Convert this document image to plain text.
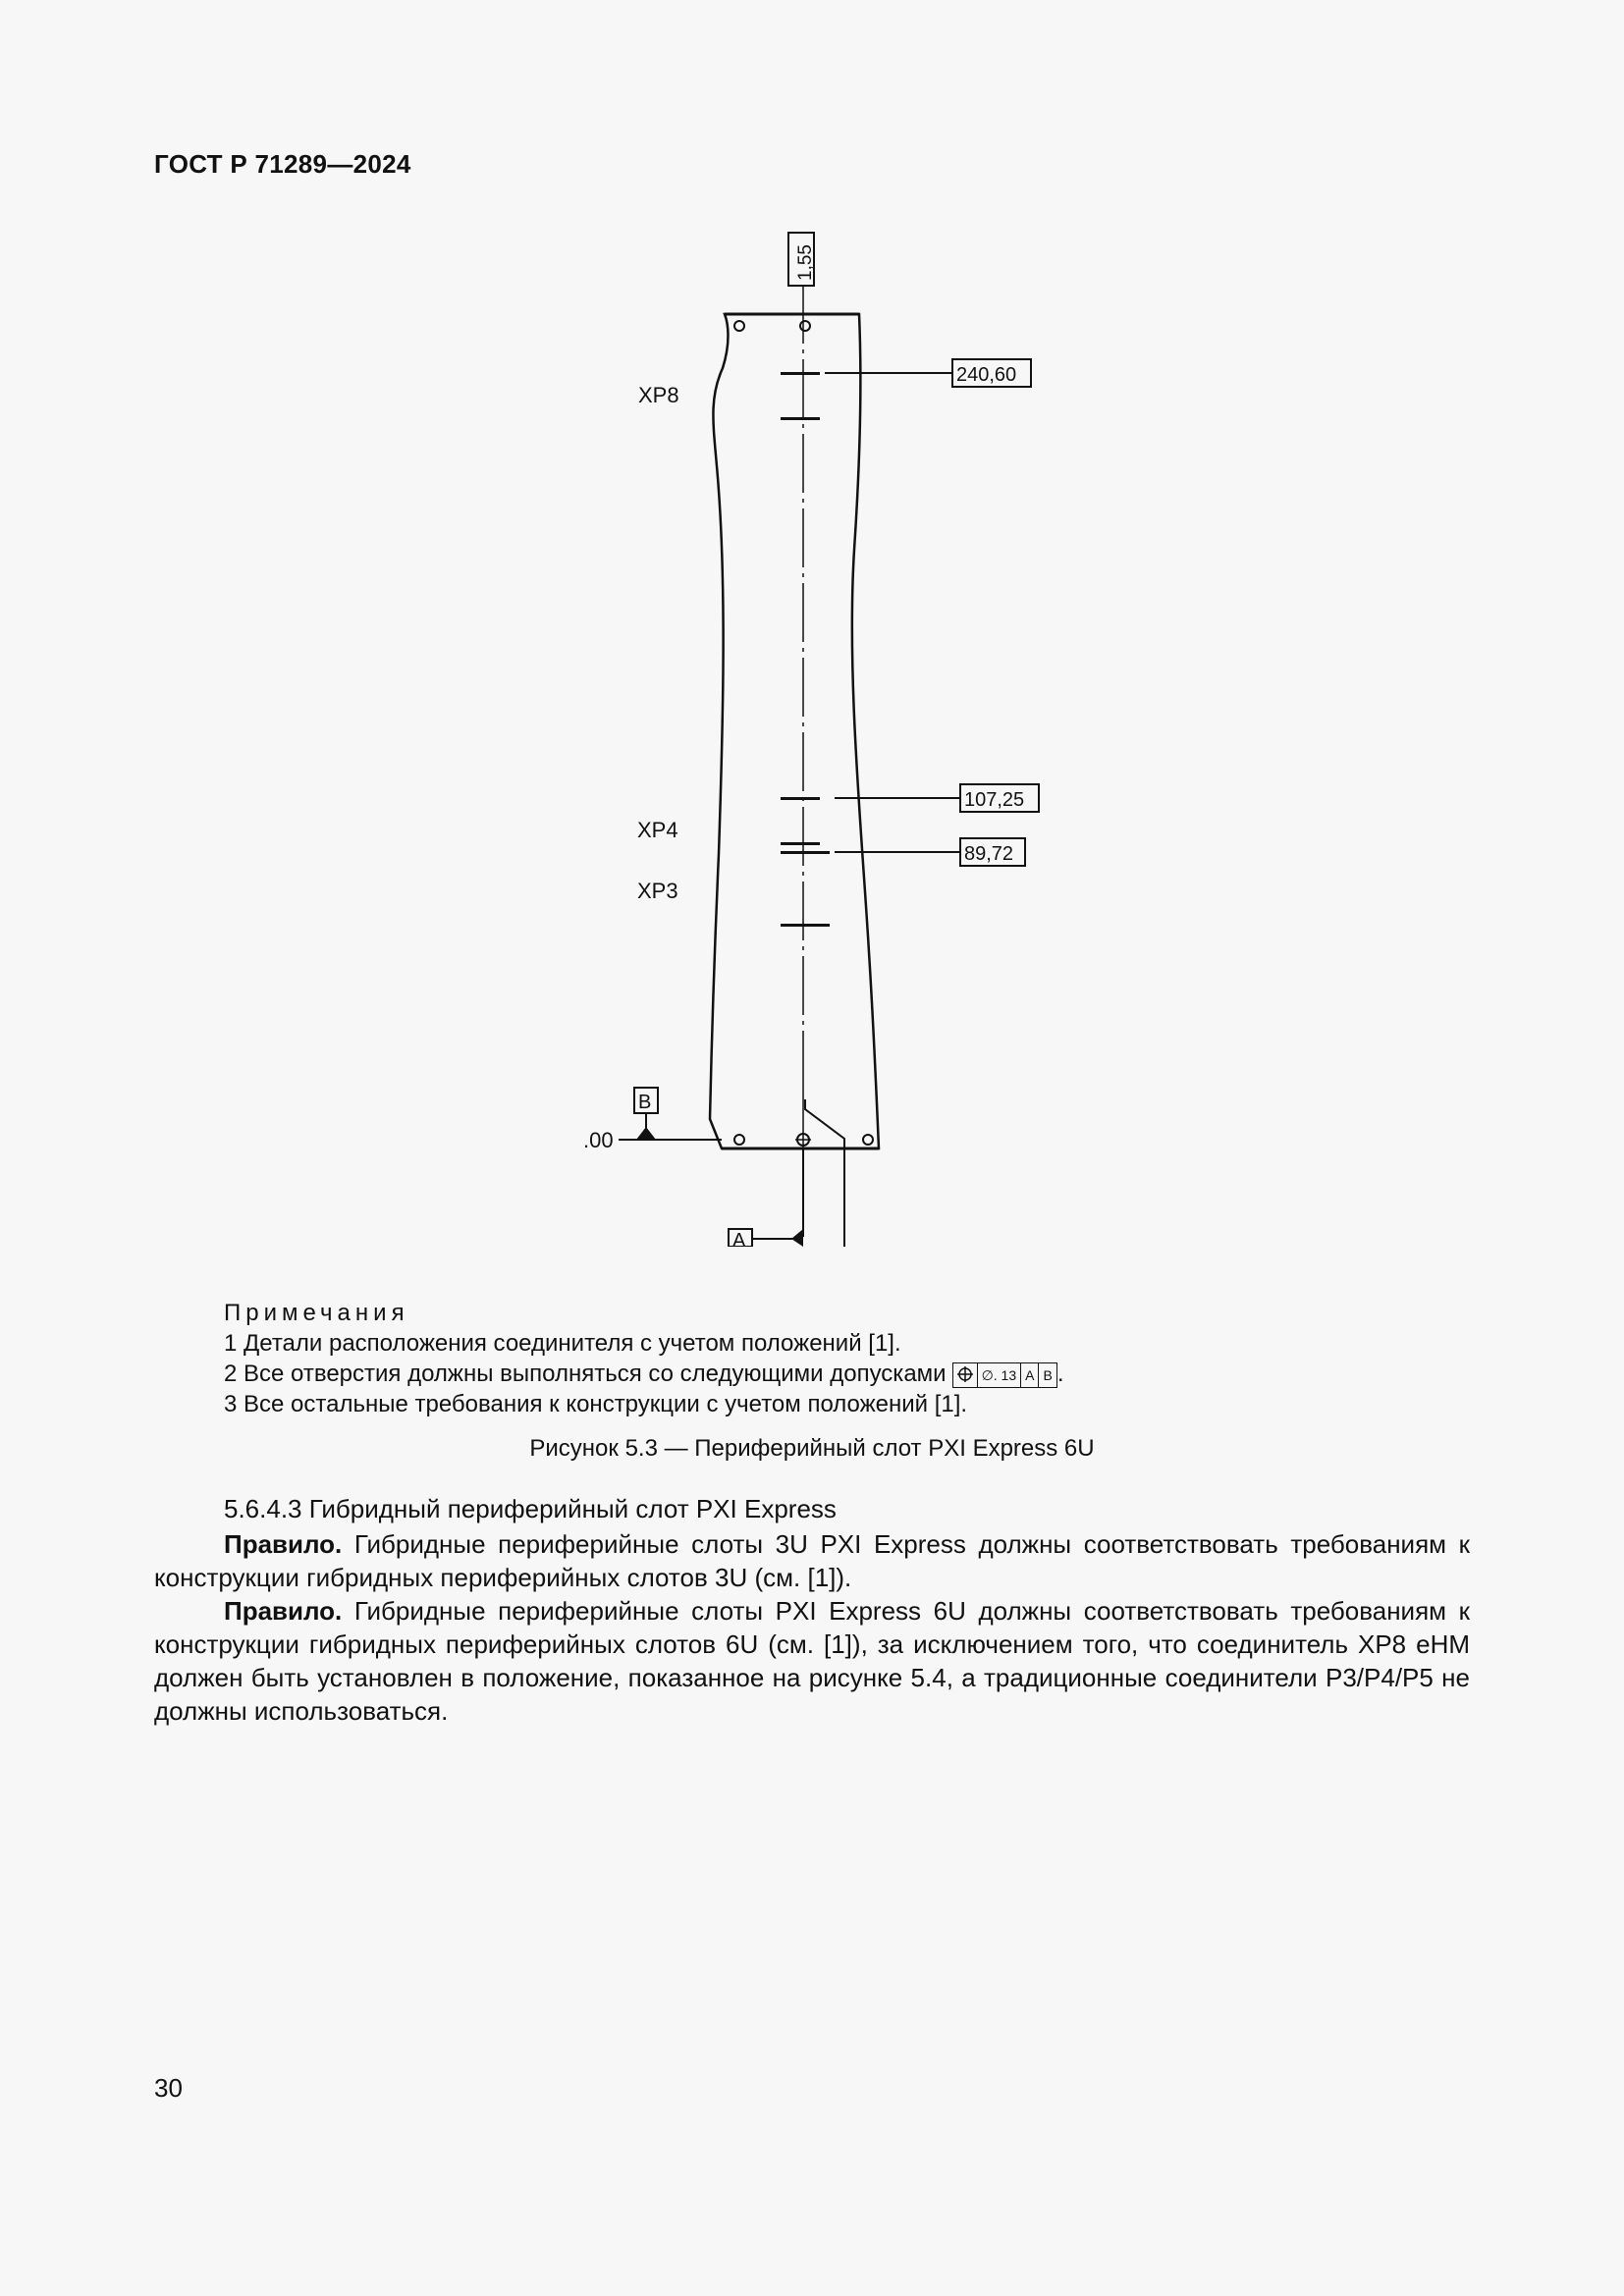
ГОСТ Р 71289—2024
1,55
240,60
107,25
89,72
XP8
XP4
XP3
B
.00
A
Примечания
1 Детали расположения соединителя с учетом положений [1].
2 Все отверстия должны выполняться со следующими допусками	∅. 13 A B .
3 Все остальные требования к конструкции с учетом положений [1].
Рисунок 5.3 — Периферийный слот PXI Express 6U
5.6.4.3 Гибридный периферийный слот PXI Express
Правило. Гибридные периферийные слоты 3U PXI Express должны соответствовать требованиям к конструкции гибридных периферийных слотов 3U (см. [1]).
Правило. Гибридные периферийные слоты PXI Express 6U должны соответствовать требованиям к конструкции гибридных периферийных слотов 6U (см. [1]), за исключением того, что соединитель XP8 eHM должен быть установлен в положение, показанное на рисунке 5.4, а традиционные соединители P3/P4/P5 не должны использоваться.
30
